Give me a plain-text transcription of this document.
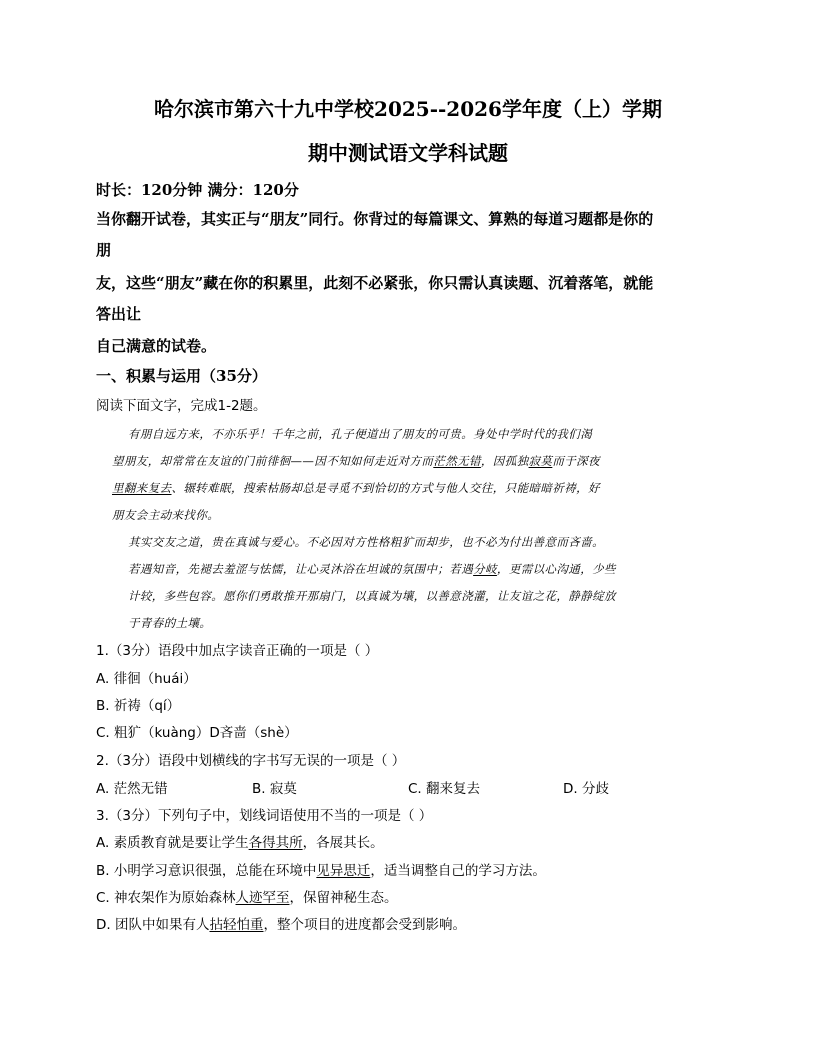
哈尔滨市第六十九中学校2025--2026学年度（上）学期
期中测试语文学科试题
时长：120分钟 满分：120分
当你翻开试卷，其实正与“朋友”同行。你背过的每篇课文、算熟的每道习题都是你的
朋
友，这些“朋友”藏在你的积累里，此刻不必紧张，你只需认真读题、沉着落笔，就能
答出让
自己满意的试卷。
一、积累与运用（35分）
阅读下面文字，完成1-2题。
有朋自远方来，不亦乐乎！千年之前，孔子便道出了朋友的可贵。身处中学时代的我们渴
望朋友，却常常在友谊的门前徘徊——因不知如何走近对方而茫然无错，因孤独寂莫而于深夜
里翻来复去、辗转难眠，搜索枯肠却总是寻觅不到恰切的方式与他人交往，只能暗暗祈祷，好
朋友会主动来找你。
其实交友之道，贵在真诚与爱心。不必因对方性格粗犷而却步，也不必为付出善意而吝啬。
若遇知音，先褪去羞涩与怯懦，让心灵沐浴在坦诚的氛围中；若遇分岐，更需以心沟通，少些
计较，多些包容。愿你们勇敢推开那扇门，以真诚为壤，以善意浇灌，让友谊之花，静静绽放
于青春的土壤。
1.（3分）语段中加点字读音正确的一项是（ ）
A. 徘徊（huái）
B. 祈祷（qí）
C. 粗犷（kuàng）D吝啬（shè）
2.（3分）语段中划横线的字书写无误的一项是（ ）
A. 茫然无错	B. 寂莫	C. 翻来复去	D. 分歧
3.（3分）下列句子中，划线词语使用不当的一项是（ ）
A. 素质教育就是要让学生各得其所，各展其长。
B. 小明学习意识很强，总能在环境中见异思迁，适当调整自己的学习方法。
C. 神农架作为原始森林人迹罕至，保留神秘生态。
D. 团队中如果有人拈轻怕重，整个项目的进度都会受到影响。
